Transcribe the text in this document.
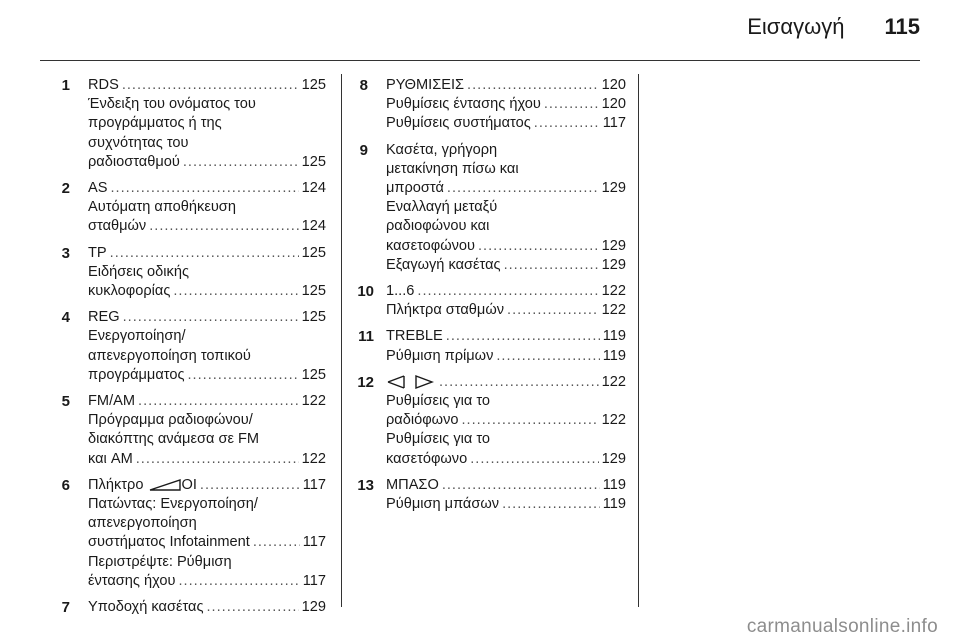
Εισαγωγή 115
1 RDS .....	125
Ένδειξη του ονόματος του
προγράμματος ή της
συχνότητας του
ραδιοσταθμού .....	125
2 AS .....	124
Αυτόματη αποθήκευση
σταθμών .....	124
3 TP .....	125
Ειδήσεις οδικής
κυκλοφορίας .....	125
4 REG .....	125
Ενεργοποίηση/
απενεργοποίηση τοπικού
προγράμματος .....	125
5 FM/AM .....	122
Πρόγραμμα ραδιοφώνου/
διακόπτης ανάμεσα σε FM
και AM .....	122
6 Πλήκτρο	OI .....	117
Πατώντας: Ενεργοποίηση/
απενεργοποίηση
συστήματος Infotainment .....	117
Περιστρέψτε: Ρύθμιση
έντασης ήχου .....	117
7 Υποδοχή κασέτας .....	129
8 ΡΥΘΜΙΣΕΙΣ .....	120
Ρυθμίσεις έντασης ήχου .....	120
Ρυθμίσεις συστήματος .....	117
9 Κασέτα, γρήγορη
μετακίνηση πίσω και
μπροστά .....	129
Εναλλαγή μεταξύ
ραδιοφώνου και
κασετοφώνου .....	129
Εξαγωγή κασέτας .....	129
10 1...6 .....	122
Πλήκτρα σταθμών .....	122
11 TREBLE .....	119
Ρύθμιση πρίμων .....	119
12 .....	122
Ρυθμίσεις για το
ραδιόφωνο .....	122
Ρυθμίσεις για το
κασετόφωνο .....	129
13 ΜΠΑΣΟ .....	119
Ρύθμιση μπάσων .....	119
carmanualsonline.info
